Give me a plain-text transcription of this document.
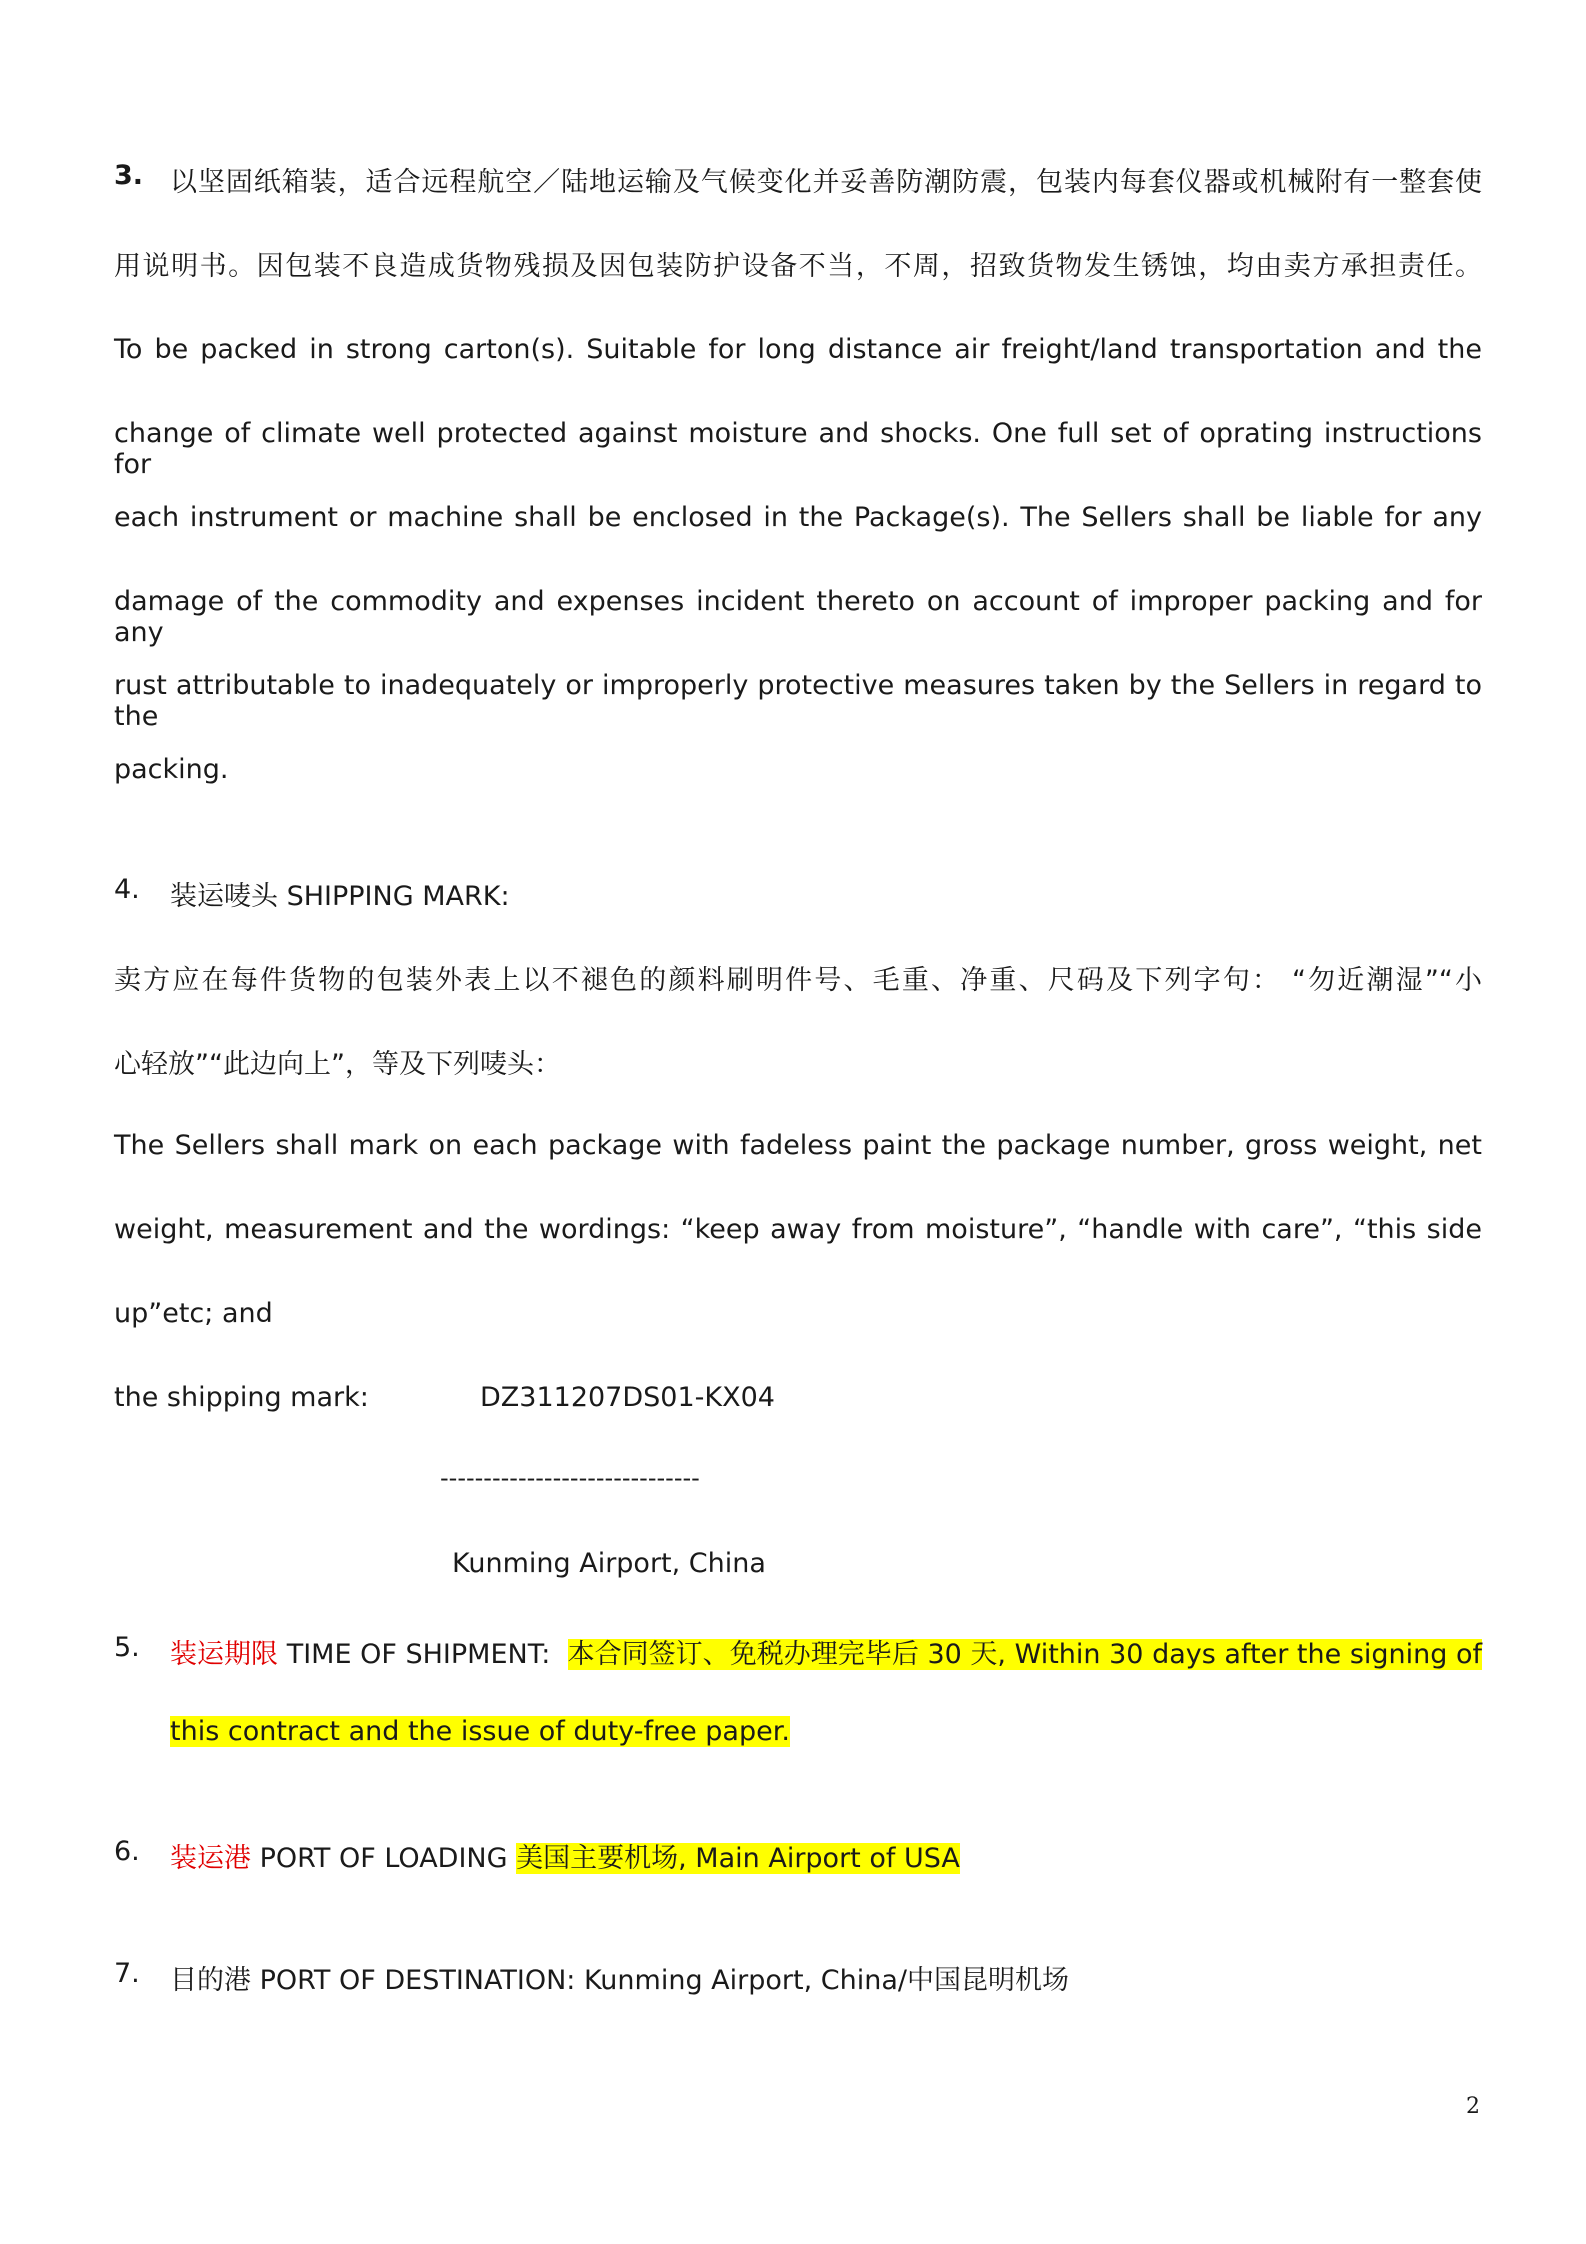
3. 以坚固纸箱装，适合远程航空／陆地运输及气候变化并妥善防潮防震，包装内每套仪器或机械附有一整套使
用说明书。因包装不良造成货物残损及因包装防护设备不当，不周，招致货物发生锈蚀，均由卖方承担责任。
To be packed in strong carton(s). Suitable for long distance air freight/land transportation and the
change of climate well protected against moisture and shocks. One full set of oprating instructions for
each instrument or machine shall be enclosed in the Package(s). The Sellers shall be liable for any
damage of the commodity and expenses incident thereto on account of improper packing and for any
rust attributable to inadequately or improperly protective measures taken by the Sellers in regard to the
packing.
4. 装运唛头 SHIPPING MARK:
卖方应在每件货物的包装外表上以不褪色的颜料刷明件号、毛重、净重、尺码及下列字句： “勿近潮湿”“小
心轻放”“此边向上”，等及下列唛头：
The Sellers shall mark on each package with fadeless paint the package number, gross weight, net
weight, measurement and the wordings: “keep away from moisture”, “handle with care”, “this side
up”etc; and
the shipping mark:	DZ311207DS01-KX04
------------------------------
Kunming Airport, China
5. 装运期限 TIME OF SHIPMENT:  本合同签订、免税办理完毕后 30 天, Within 30 days after the signing of
this contract and the issue of duty-free paper.
6. 装运港 PORT OF LOADING 美国主要机场, Main Airport of USA
7. 目的港 PORT OF DESTINATION: Kunming Airport, China/中国昆明机场
2
